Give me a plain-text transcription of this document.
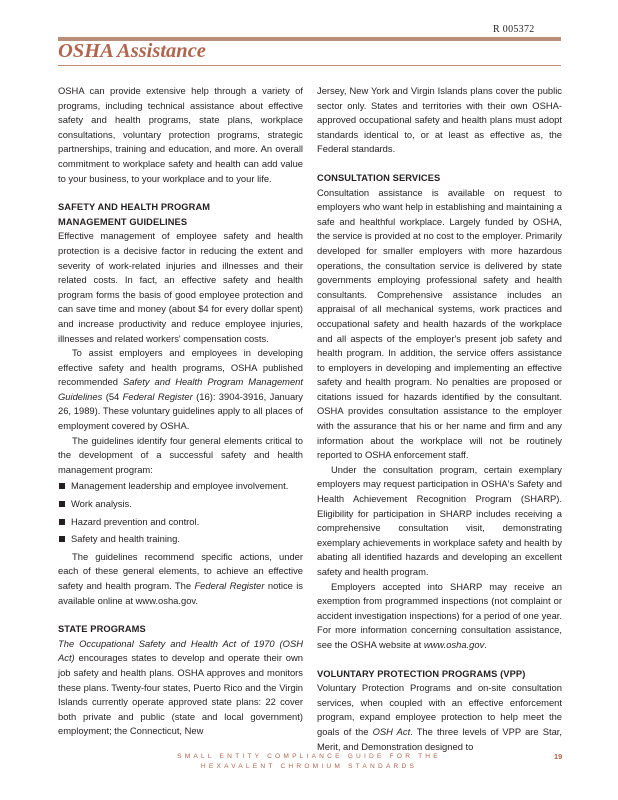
R 005372
OSHA Assistance

OSHA can provide extensive help through a variety of programs, including technical assistance about effective safety and health programs, state plans, workplace consultations, voluntary protection programs, strategic partnerships, training and education, and more. An overall commitment to workplace safety and health can add value to your business, to your workplace and to your life.

SAFETY AND HEALTH PROGRAM
MANAGEMENT GUIDELINES

Effective management of employee safety and health protection is a decisive factor in reducing the extent and severity of work-related injuries and illnesses and their related costs. In fact, an effective safety and health program forms the basis of good employee protection and can save time and money (about $4 for every dollar spent) and increase productivity and reduce employee injuries, illnesses and related workers' compensation costs.

To assist employers and employees in developing effective safety and health programs, OSHA published recommended Safety and Health Program Management Guidelines (54 Federal Register (16): 3904-3916, January 26, 1989). These voluntary guidelines apply to all places of employment covered by OSHA.

The guidelines identify four general elements critical to the development of a successful safety and health management program:

Management leadership and employee involvement.
Work analysis.
Hazard prevention and control.
Safety and health training.

The guidelines recommend specific actions, under each of these general elements, to achieve an effective safety and health program. The Federal Register notice is available online at www.osha.gov.

STATE PROGRAMS

The Occupational Safety and Health Act of 1970 (OSH Act) encourages states to develop and operate their own job safety and health plans. OSHA approves and monitors these plans. Twenty-four states, Puerto Rico and the Virgin Islands currently operate approved state plans: 22 cover both private and public (state and local government) employment; the Connecticut, New

Jersey, New York and Virgin Islands plans cover the public sector only. States and territories with their own OSHA-approved occupational safety and health plans must adopt standards identical to, or at least as effective as, the Federal standards.

CONSULTATION SERVICES

Consultation assistance is available on request to employers who want help in establishing and maintaining a safe and healthful workplace. Largely funded by OSHA, the service is provided at no cost to the employer. Primarily developed for smaller employers with more hazardous operations, the consultation service is delivered by state governments employing professional safety and health consultants. Comprehensive assistance includes an appraisal of all mechanical systems, work practices and occupational safety and health hazards of the workplace and all aspects of the employer's present job safety and health program. In addition, the service offers assistance to employers in developing and implementing an effective safety and health program. No penalties are proposed or citations issued for hazards identified by the consultant. OSHA provides consultation assistance to the employer with the assurance that his or her name and firm and any information about the workplace will not be routinely reported to OSHA enforcement staff.

Under the consultation program, certain exemplary employers may request participation in OSHA's Safety and Health Achievement Recognition Program (SHARP). Eligibility for participation in SHARP includes receiving a comprehensive consultation visit, demonstrating exemplary achievements in workplace safety and health by abating all identified hazards and developing an excellent safety and health program.

Employers accepted into SHARP may receive an exemption from programmed inspections (not complaint or accident investigation inspections) for a period of one year. For more information concerning consultation assistance, see the OSHA website at www.osha.gov.

VOLUNTARY PROTECTION PROGRAMS (VPP)

Voluntary Protection Programs and on-site consultation services, when coupled with an effective enforcement program, expand employee protection to help meet the goals of the OSH Act. The three levels of VPP are Star, Merit, and Demonstration designed to

SMALL ENTITY COMPLIANCE GUIDE FOR THE
HEXAVALENT CHROMIUM STANDARDS
19
